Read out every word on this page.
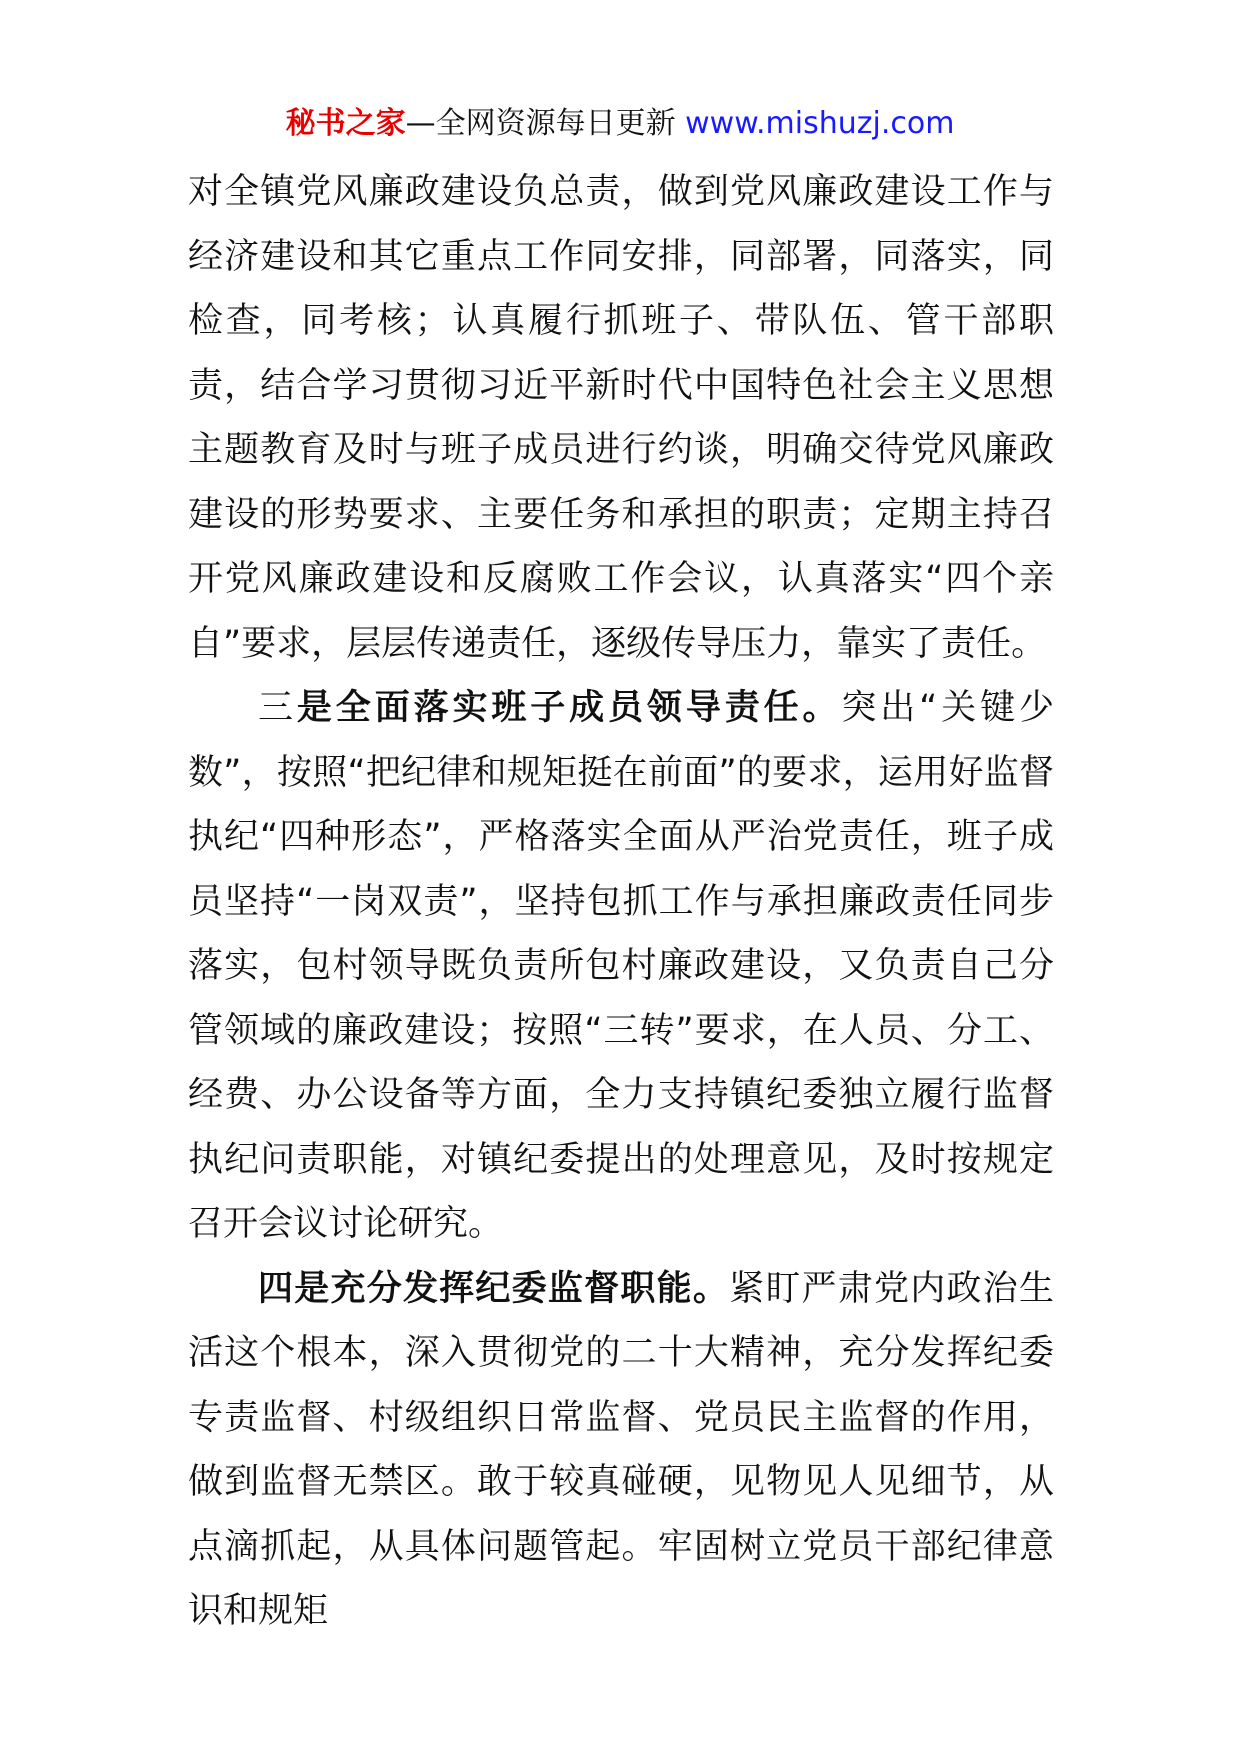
秘书之家—全网资源每日更新 www.mishuzj.com

对全镇党风廉政建设负总责，做到党风廉政建设工作与经济建设和其它重点工作同安排，同部署，同落实，同检查，同考核；认真履行抓班子、带队伍、管干部职责，结合学习贯彻习近平新时代中国特色社会主义思想主题教育及时与班子成员进行约谈，明确交待党风廉政建设的形势要求、主要任务和承担的职责；定期主持召开党风廉政建设和反腐败工作会议，认真落实“四个亲自”要求，层层传递责任，逐级传导压力，靠实了责任。

三是全面落实班子成员领导责任。突出“关键少数”，按照“把纪律和规矩挺在前面”的要求，运用好监督执纪“四种形态”，严格落实全面从严治党责任，班子成员坚持“一岗双责”，坚持包抓工作与承担廉政责任同步落实，包村领导既负责所包村廉政建设，又负责自己分管领域的廉政建设；按照“三转”要求，在人员、分工、经费、办公设备等方面，全力支持镇纪委独立履行监督执纪问责职能，对镇纪委提出的处理意见，及时按规定召开会议讨论研究。

四是充分发挥纪委监督职能。紧盯严肃党内政治生活这个根本，深入贯彻党的二十大精神，充分发挥纪委专责监督、村级组织日常监督、党员民主监督的作用，做到监督无禁区。敢于较真碰硬，见物见人见细节，从点滴抓起，从具体问题管起。牢固树立党员干部纪律意识和规矩
